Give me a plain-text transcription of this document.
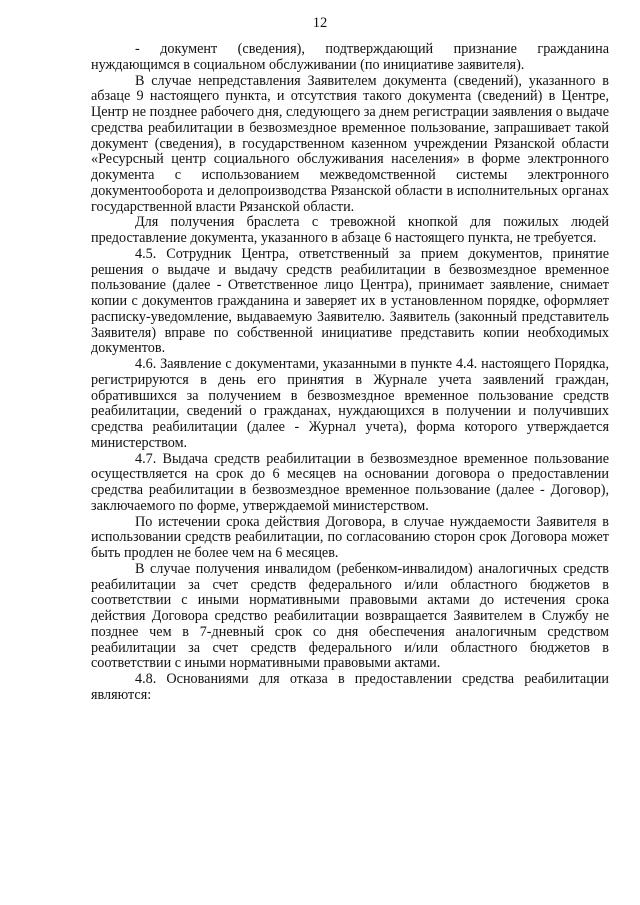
12

- документ (сведения), подтверждающий признание гражданина нуждающимся в социальном обслуживании (по инициативе заявителя).

В случае непредставления Заявителем документа (сведений), указанного в абзаце 9 настоящего пункта, и отсутствия такого документа (сведений) в Центре, Центр не позднее рабочего дня, следующего за днем регистрации заявления о выдаче средства реабилитации в безвозмездное временное пользование, запрашивает такой документ (сведения), в государственном казенном учреждении Рязанской области «Ресурсный центр социального обслуживания населения» в форме электронного документа с использованием межведомственной системы электронного документооборота и делопроизводства Рязанской области в исполнительных органах государственной власти Рязанской области.

Для получения браслета с тревожной кнопкой для пожилых людей предоставление документа, указанного в абзаце 6 настоящего пункта, не требуется.

4.5. Сотрудник Центра, ответственный за прием документов, принятие решения о выдаче и выдачу средств реабилитации в безвозмездное временное пользование (далее - Ответственное лицо Центра), принимает заявление, снимает копии с документов гражданина и заверяет их в установленном порядке, оформляет расписку-уведомление, выдаваемую Заявителю. Заявитель (законный представитель Заявителя) вправе по собственной инициативе представить копии необходимых документов.

4.6. Заявление с документами, указанными в пункте 4.4. настоящего Порядка, регистрируются в день его принятия в Журнале учета заявлений граждан, обратившихся за получением в безвозмездное временное пользование средств реабилитации, сведений о гражданах, нуждающихся в получении и получивших средства реабилитации (далее - Журнал учета), форма которого утверждается министерством.

4.7. Выдача средств реабилитации в безвозмездное временное пользование осуществляется на срок до 6 месяцев на основании договора о предоставлении средства реабилитации в безвозмездное временное пользование (далее - Договор), заключаемого по форме, утверждаемой министерством.

По истечении срока действия Договора, в случае нуждаемости Заявителя в использовании средств реабилитации, по согласованию сторон срок Договора может быть продлен не более чем на 6 месяцев.

В случае получения инвалидом (ребенком-инвалидом) аналогичных средств реабилитации за счет средств федерального и/или областного бюджетов в соответствии с иными нормативными правовыми актами до истечения срока действия Договора средство реабилитации возвращается Заявителем в Службу не позднее чем в 7-дневный срок со дня обеспечения аналогичным средством реабилитации за счет средств федерального и/или областного бюджетов в соответствии с иными нормативными правовыми актами.

4.8. Основаниями для отказа в предоставлении средства реабилитации являются:
